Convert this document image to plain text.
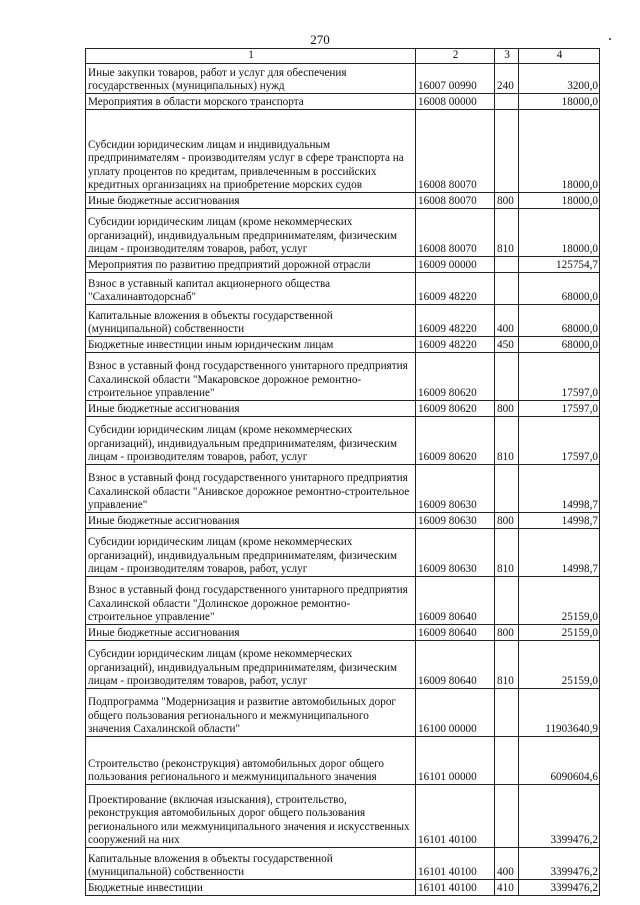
270
1	2	3	4
Иные закупки товаров, работ и услуг для обеспечения государственных (муниципальных) нужд	16007 00990	240	3200,0
Мероприятия в области морского транспорта	16008 00000		18000,0
Субсидии юридическим лицам и индивидуальным предпринимателям - производителям услуг в сфере транспорта на уплату процентов по кредитам, привлеченным в российских кредитных организациях на приобретение морских судов	16008 80070		18000,0
Иные бюджетные ассигнования	16008 80070	800	18000,0
Субсидии юридическим лицам (кроме некоммерческих организаций), индивидуальным предпринимателям, физическим лицам - производителям товаров, работ, услуг	16008 80070	810	18000,0
Мероприятия по развитию предприятий дорожной отрасли	16009 00000		125754,7
Взнос в уставный капитал акционерного общества "Сахалинавтодорснаб"	16009 48220		68000,0
Капитальные вложения в объекты государственной (муниципальной) собственности	16009 48220	400	68000,0
Бюджетные инвестиции иным юридическим лицам	16009 48220	450	68000,0
Взнос в уставный фонд государственного унитарного предприятия Сахалинской области "Макаровское дорожное ремонтно-строительное управление"	16009 80620		17597,0
Иные бюджетные ассигнования	16009 80620	800	17597,0
Субсидии юридическим лицам (кроме некоммерческих организаций), индивидуальным предпринимателям, физическим лицам - производителям товаров, работ, услуг	16009 80620	810	17597,0
Взнос в уставный фонд государственного унитарного предприятия Сахалинской области "Анивское дорожное ремонтно-строительное управление"	16009 80630		14998,7
Иные бюджетные ассигнования	16009 80630	800	14998,7
Субсидии юридическим лицам (кроме некоммерческих организаций), индивидуальным предпринимателям, физическим лицам - производителям товаров, работ, услуг	16009 80630	810	14998,7
Взнос в уставный фонд государственного унитарного предприятия Сахалинской области "Долинское дорожное ремонтно-строительное управление"	16009 80640		25159,0
Иные бюджетные ассигнования	16009 80640	800	25159,0
Субсидии юридическим лицам (кроме некоммерческих организаций), индивидуальным предпринимателям, физическим лицам - производителям товаров, работ, услуг	16009 80640	810	25159,0
Подпрограмма "Модернизация и развитие автомобильных дорог общего пользования регионального и межмуниципального значения Сахалинской области"	16100 00000		11903640,9
Строительство (реконструкция) автомобильных дорог общего пользования регионального и межмуниципального значения	16101 00000		6090604,6
Проектирование (включая изыскания), строительство, реконструкция автомобильных дорог общего пользования регионального или межмуниципального значения и искусственных сооружений на них	16101 40100		3399476,2
Капитальные вложения в объекты государственной (муниципальной) собственности	16101 40100	400	3399476,2
Бюджетные инвестиции	16101 40100	410	3399476,2
